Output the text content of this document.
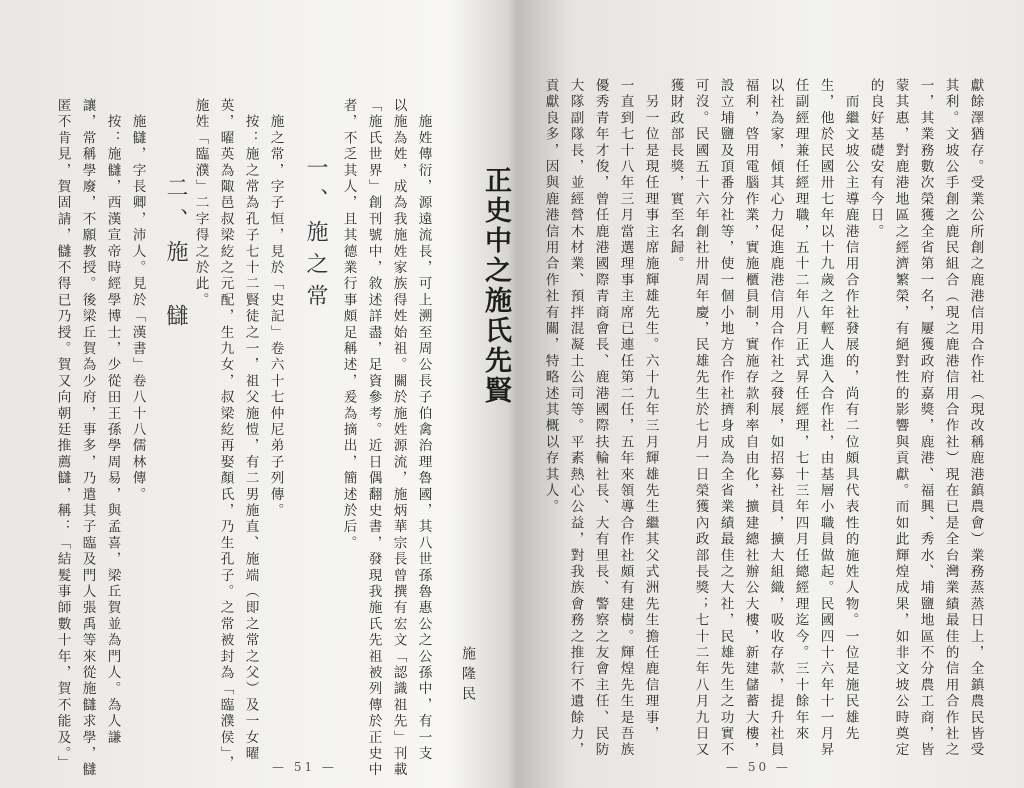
正史中之施氏先賢
施隆民
　施姓傳衍，源遠流長，可上溯至周公長子伯禽治理魯國，其八世孫魯惠公之公孫中，有一支
以施為姓，成為我施姓家族得姓始祖。關於施姓源流，施炳華宗長曾撰有宏文「認識祖先」刊載
「施氏世界」創刊號中，敘述詳盡，足資參考。近日偶翻史書，發現我施氏先祖被列傳於正史中
者，不乏其人，且其德業行事頗足稱述，爰為摘出，簡述於后。
一、施之常
　施之常，字子恒，見於「史記」卷六十七仲尼弟子列傳。
　按：施之常為孔子七十二賢徒之一，祖父施愷，有二男施直、施端（即之常之父）及一女曜
英，曜英為陬邑叔梁紇之元配，生九女，叔梁紇再娶顏氏，乃生孔子。之常被封為「臨濮侯」，
施姓「臨濮」二字得之於此。
二、施　讎
　施讎，字長卿，沛人。見於「漢書」卷八十八儒林傳。
　按：施讎，西漢宣帝時經學博士，少從田王孫學周易，與孟喜，梁丘賀並為門人。為人謙
讓，常稱學廢，不願教授。後梁丘賀為少府，事多，乃遣其子臨及門人張禹等來從施讎求學，讎
匿不肯見，賀固請，讎不得已乃授。賀又向朝廷推薦讎，稱：「結髮事師數十年，賀不能及。」	— 51 —
獻餘澤猶存。受業公所創之鹿港信用合作社（現改稱鹿港鎮農會）業務蒸蒸日上，全鎮農民皆受
其利。文坡公手創之鹿民組合（現之鹿港信用合作社）現在已是全台灣業績最佳的信用合作社之
一，其業務數次榮獲全省第一名，屢獲政府嘉獎，鹿港、福興、秀水、埔鹽地區不分農工商，皆
蒙其惠，對鹿港地區之經濟繁榮，有絕對性的影響與貢獻。而如此輝煌成果，如非文坡公時奠定
的良好基礎安有今日。
　而繼文坡公主導鹿港信用合作社發展的，尚有二位頗具代表性的施姓人物。一位是施民雄先
生，他於民國卅七年以十九歲之年輕人進入合作社，由基層小職員做起。民國四十六年十一月昇
任副經理兼任經理職，五十二年八月正式昇任經理，七十三年四月任總經理迄今。三十餘年來
以社為家，傾其心力促進鹿港信用合作社之發展，如招募社員，擴大組織，吸收存款，提升社員
福利，啓用電腦作業，實施櫃員制，實施存款利率自由化，擴建總社辦公大樓，新建儲蓄大樓，
設立埔鹽及頂番分社等，使一個小地方合作社擠身成為全省業績最佳之大社，民雄先生之功實不
可沒。民國五十六年創社卅周年慶，民雄先生於七月一日榮獲內政部長獎；七十二年八月九日又
獲財政部長獎，實至名歸。
　另一位是現任理事主席施輝雄先生。六十九年三月輝雄先生繼其父式洲先生擔任鹿信理事，
一直到七十八年三月當選理事主席已連任第二任，五年來領導合作社頗有建樹。輝煌先生是吾族
優秀青年才俊，曾任鹿港國際青商會長、鹿港國際扶輪社長、大有里長、警察之友會主任、民防
大隊副隊長，並經營木材業、預拌混凝土公司等。平素熱心公益，對我族會務之推行不遺餘力，
貢獻良多，因與鹿港信用合作社有關，特略述其概以存其人。
— 50 —
